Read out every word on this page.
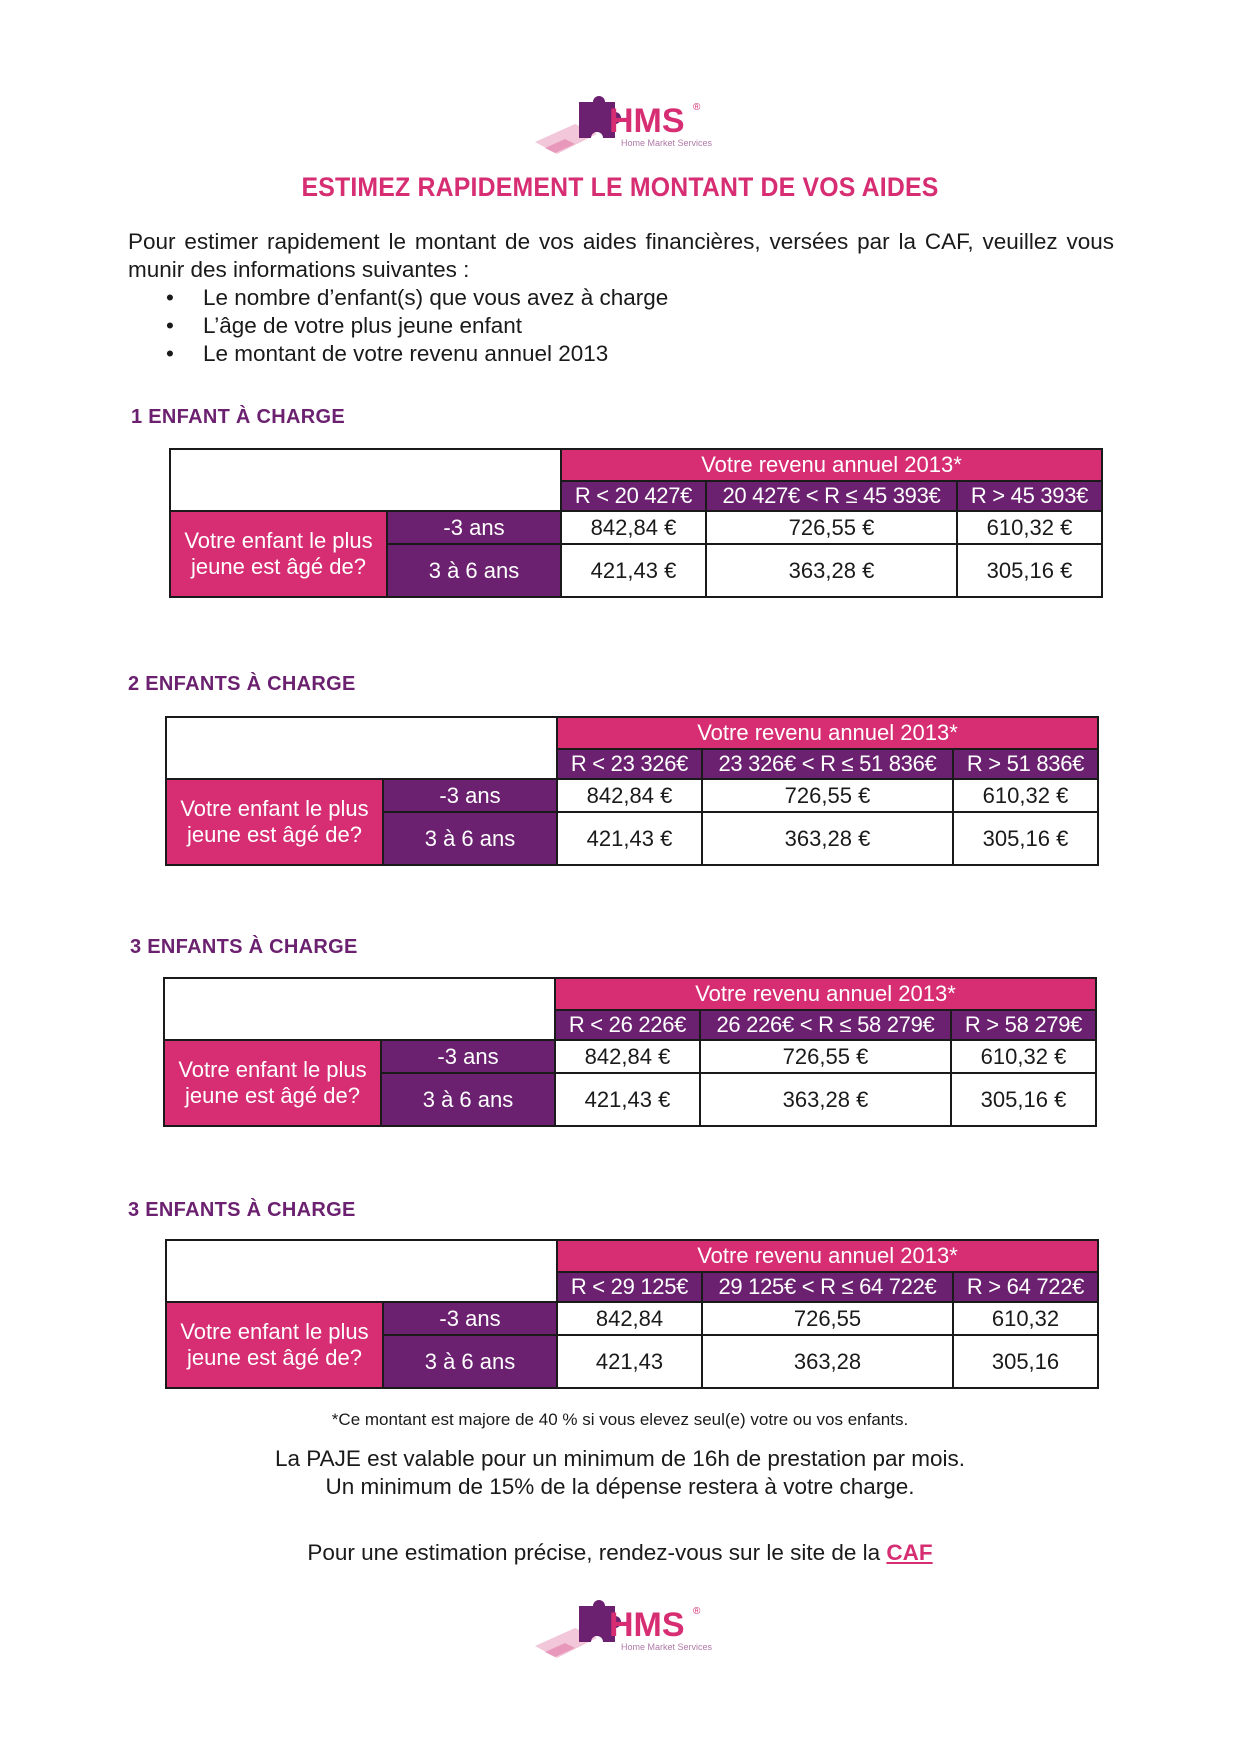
HMS ®
Home Market Services
ESTIMEZ RAPIDEMENT LE MONTANT DE VOS AIDES

Pour estimer rapidement le montant de vos aides financières, versées par la CAF, veuillez vous munir des informations suivantes :

• Le nombre d’enfant(s) que vous avez à charge
• L’âge de votre plus jeune enfant
• Le montant de votre revenu annuel 2013
1 ENFANT À CHARGE
		Votre revenu annuel 2013*		
		R < 20 427€	20 427€ < R ≤ 45 393€	R > 45 393€
Votre enfant le plus jeune est âgé de?	-3 ans	842,84 €	726,55 €	610,32 €
	3 à 6 ans	421,43 €	363,28 €	305,16 €
2 ENFANTS À CHARGE
		Votre revenu annuel 2013*		
		R < 23 326€	23 326€ < R ≤ 51 836€	R > 51 836€
Votre enfant le plus jeune est âgé de?	-3 ans	842,84 €	726,55 €	610,32 €
	3 à 6 ans	421,43 €	363,28 €	305,16 €
3 ENFANTS À CHARGE
		Votre revenu annuel 2013*		
		R < 26 226€	26 226€ < R ≤ 58 279€	R > 58 279€
Votre enfant le plus jeune est âgé de?	-3 ans	842,84 €	726,55 €	610,32 €
	3 à 6 ans	421,43 €	363,28 €	305,16 €
3 ENFANTS À CHARGE
		Votre revenu annuel 2013*		
		R < 29 125€	29 125€ < R ≤ 64 722€	R > 64 722€
Votre enfant le plus jeune est âgé de?	-3 ans	842,84	726,55	610,32
	3 à 6 ans	421,43	363,28	305,16
*Ce montant est majore de 40 % si vous elevez seul(e) votre ou vos enfants.
La PAJE est valable pour un minimum de 16h de prestation par mois.
Un minimum de 15% de la dépense restera à votre charge.
Pour une estimation précise, rendez-vous sur le site de la CAF
HMS ®
Home Market Services
